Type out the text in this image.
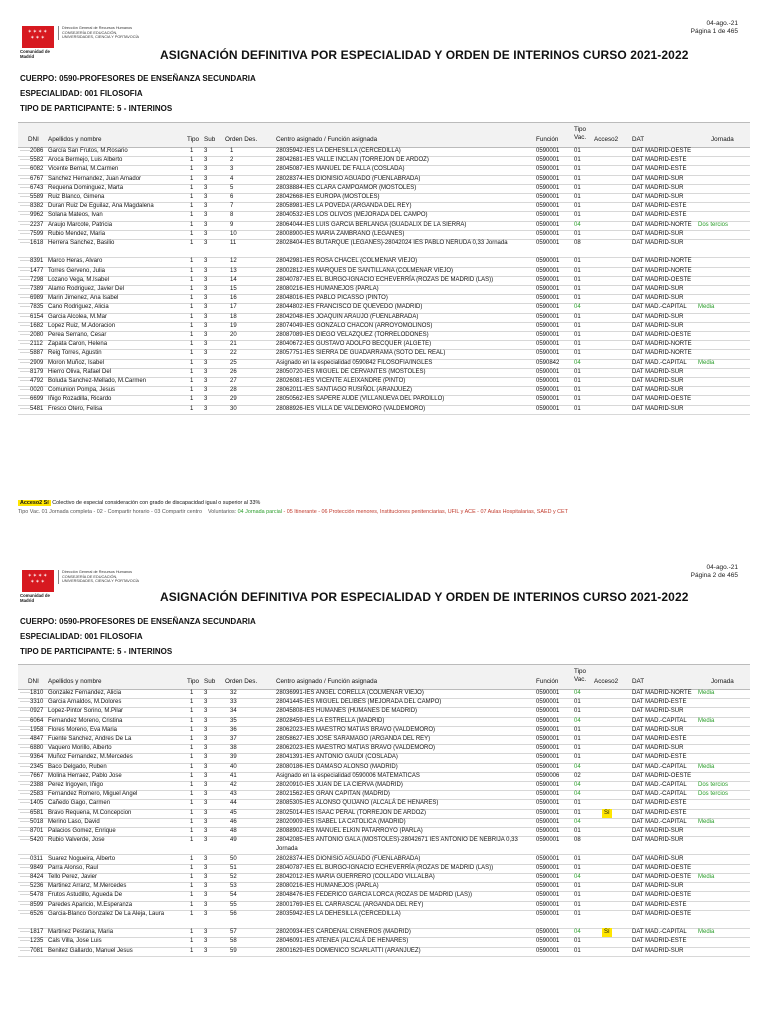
04-ago.-21
Página 1 de 465
✶✶✶✶
✶✶✶
Comunidad de Madrid
Dirección General de Recursos Humanos CONSEJERÍA DE EDUCACIÓN, UNIVERSIDADES, CIENCIA Y PORTAVOCÍA
ASIGNACIÓN DEFINITIVA POR ESPECIALIDAD Y ORDEN DE INTERINOS CURSO 2021-2022
CUERPO: 0590-PROFESORES DE ENSEÑANZA SECUNDARIA
ESPECIALIDAD: 001 FILOSOFIA
TIPO DE PARTICIPANTE: 5 - INTERINOS
DNI Apellidos y nombre	Tipo Sub Orden Des.	Centro asignado / Función asignada	Función	Acceso2 DAT	Jornada
Tipo
Vac.
·····2086 García San Frutos, M.Rosario	1 3	1	28035942-IES LA DEHESILLA (CERCEDILLA)	0590001 01	DAT MADRID-OESTE
·····5582 Aroca Bermejo, Luis Alberto	1 3	2	28042681-IES VALLE INCLAN (TORREJON DE ARDOZ)	0590001 01	DAT MADRID-ESTE
·····6082 Vicente Bernal, M.Carmen	1 3	3	28045087-IES MANUEL DE FALLA (COSLADA)	0590001 01	DAT MADRID-ESTE
·····6767 Sanchez Hernandez, Juan Amador	1 3	4	28028374-IES DIONISIO AGUADO (FUENLABRADA)	0590001 01	DAT MADRID-SUR
·····6743 Requena Dominguez, Marta	1 3	5	28038884-IES CLARA CAMPOAMOR (MOSTOLES)	0590001 01	DAT MADRID-SUR
·····5589 Ruiz Blanco, Gimena	1 3	6	28042668-IES EUROPA (MOSTOLES)	0590001 01	DAT MADRID-SUR
·····8382 Duran Ruiz De Eguilaz, Ana Magdalena	1 3	7	28058981-IES LA POVEDA (ARGANDA DEL REY)	0590001 01	DAT MADRID-ESTE
·····9962 Solana Mateos, Ivan	1 3	8	28040532-IES LOS OLIVOS (MEJORADA DEL CAMPO)	0590001 01	DAT MADRID-ESTE
·····2237 Araujo Marcote, Patricia	1 3	9	28064044-IES LUIS GARCIA BERLANGA (GUADALIX DE LA SIERRA)	0590001 04	DAT MADRID-NORTE Dos tercios
·····7599 Rubio Mendez, Maria	1 3	10	28008900-IES MARIA ZAMBRANO (LEGANES)	0590001 01	DAT MADRID-SUR
·····1618 Herrera Sanchez, Basilio	1 3	11	28028404-IES BUTARQUE (LEGANES)-28042024 IES PABLO NERUDA 0,33 Jornada	0590001 08	DAT MADRID-SUR
·····8391 Marco Heras, Alvaro	1 3	12	28042981-IES ROSA CHACEL (COLMENAR VIEJO)	0590001 01	DAT MADRID-NORTE
·····1477 Torres Gerveno, Julia	1 3	13	28002812-IES MARQUES DE SANTILLANA (COLMENAR VIEJO)	0590001 01	DAT MADRID-NORTE
·····7298 Lozano Vega, M.Isabel	1 3	14	28040787-IES EL BURGO-IGNACIO ECHEVERRÍA (ROZAS DE MADRID (LAS))	0590001 01	DAT MADRID-OESTE
·····7389 Alamo Rodriguez, Javier Del	1 3	15	28080216-IES HUMANEJOS (PARLA)	0590001 01	DAT MADRID-SUR
·····6989 Marin Jimenez, Ana Isabel	1 3	16	28048016-IES PABLO PICASSO (PINTO)	0590001 01	DAT MADRID-SUR
·····7835 Cano Rodriguez, Alicia	1 3	17	28044802-IES FRANCISCO DE QUEVEDO (MADRID)	0590001 04	DAT MAD.-CAPITAL Media
·····6154 Garcia Alcolea, M.Mar	1 3	18	28042048-IES JOAQUIN ARAUJO (FUENLABRADA)	0590001 01	DAT MADRID-SUR
·····1682 Lopez Ruiz, M.Adoracion	1 3	19	28074049-IES GONZALO CHACON (ARROYOMOLINOS)	0590001 01	DAT MADRID-SUR
·····2080 Perea Serrano, Cesar	1 3	20	28087089-IES DIEGO VELAZQUEZ (TORRELODONES)	0590001 01	DAT MADRID-OESTE
·····2112 Zapata Caron, Helena	1 3	21	28040672-IES GUSTAVO ADOLFO BECQUER (ALGETE)	0590001 01	DAT MADRID-NORTE
·····5887 Reig Torres, Agustin	1 3	22	28057751-IES SIERRA DE GUADARRAMA (SOTO DEL REAL)	0590001 01	DAT MADRID-NORTE
·····2909 Moron Muñoz, Isabel	1 3	25	Asignado en la especialidad 0590842 FILOSOFIA/INGLES	0590842 04	DAT MAD.-CAPITAL Media
·····8179 Hierro Oliva, Rafael Del	1 3	26	28050720-IES MIGUEL DE CERVANTES (MOSTOLES)	0590001 01	DAT MADRID-SUR
·····4792 Boluda Sanchez-Mellado, M.Carmen	1 3	27	28026081-IES VICENTE ALEIXANDRE (PINTO)	0590001 01	DAT MADRID-SUR
·····0020 Comunion Pompa, Jesus	1 3	28	28062011-IES SANTIAGO RUSIÑOL (ARANJUEZ)	0590001 01	DAT MADRID-SUR
·····6699 Iñigo Rozadilla, Ricardo	1 3	29	28050562-IES SAPERE AUDE (VILLANUEVA DEL PARDILLO)	0590001 01	DAT MADRID-OESTE
·····5481 Fresco Otero, Felisa	1 3	30	28088926-IES VILLA DE VALDEMORO (VALDEMORO)	0590001 01	DAT MADRID-SUR
Acceso2 Sí Colectivo de especial consideración con grado de discapacidad igual o superior al 33%
Tipo Vac. 01 Jornada completa - 02 - Compartir horario - 03 Compartir centro Voluntarios: 04 Jornada parcial - 05 Itinerante - 06 Protección menores, Instituciones penitenciarias, UFIL y ACE - 07 Aulas Hospitalarias, SAED y CET
04-ago.-21
Página 2 de 465
✶✶✶✶
✶✶✶
Comunidad de Madrid
Dirección General de Recursos Humanos CONSEJERÍA DE EDUCACIÓN, UNIVERSIDADES, CIENCIA Y PORTAVOCÍA
ASIGNACIÓN DEFINITIVA POR ESPECIALIDAD Y ORDEN DE INTERINOS CURSO 2021-2022
CUERPO: 0590-PROFESORES DE ENSEÑANZA SECUNDARIA
ESPECIALIDAD: 001 FILOSOFIA
TIPO DE PARTICIPANTE: 5 - INTERINOS
DNI Apellidos y nombre	Tipo Sub Orden Des.	Centro asignado / Función asignada	Función	Acceso2 DAT	Jornada
Tipo
Vac.
·····1810 Gonzalez Fernandez, Alicia	1 3	32	28036991-IES ANGEL CORELLA (COLMENAR VIEJO)	0590001 04	DAT MADRID-NORTE Media
·····3310 Garcia Arnaldos, M.Dolores	1 3	33	28041445-IES MIGUEL DELIBES (MEJORADA DEL CAMPO)	0590001 01	DAT MADRID-ESTE
·····0927 Lopez-Pintor Sorino, M.Pilar	1 3	34	28045808-IES HUMANES (HUMANES DE MADRID)	0590001 01	DAT MADRID-SUR
·····6064 Fernandez Moreno, Cristina	1 3	35	28028459-IES LA ESTRELLA (MADRID)	0590001 04	DAT MAD.-CAPITAL Media
·····1958 Flores Moreno, Eva Maria	1 3	36	28062023-IES MAESTRO MATIAS BRAVO (VALDEMORO)	0590001 01	DAT MADRID-SUR
·····4847 Fuente Sanchez, Andres De La	1 3	37	28058627-IES JOSE SARAMAGO (ARGANDA DEL REY)	0590001 01	DAT MADRID-ESTE
·····6880 Vaquero Morillo, Alberto	1 3	38	28062023-IES MAESTRO MATIAS BRAVO (VALDEMORO)	0590001 01	DAT MADRID-SUR
·····9364 Muñoz Fernandez, M.Mercedes	1 3	39	28041391-IES ANTONIO GAUDI (COSLADA)	0590001 01	DAT MADRID-ESTE
·····2345 Baco Delgado, Ruben	1 3	40	28080186-IES DAMASO ALONSO (MADRID)	0590001 04	DAT MAD.-CAPITAL Media
·····7667 Molina Herraez, Pablo Jose	1 3	41	Asignado en la especialidad 0590006 MATEMATICAS	0590006 02	DAT MADRID-OESTE
·····2388 Perez Irigoyen, Iñigo	1 3	42	28020910-IES JUAN DE LA CIERVA (MADRID)	0590001 04	DAT MAD.-CAPITAL Dos tercios
·····2583 Fernandez Romero, Miguel Angel	1 3	43	28021562-IES GRAN CAPITAN (MADRID)	0590001 04	DAT MAD.-CAPITAL Dos tercios
·····1405 Cañedo Gago, Carmen	1 3	44	28085305-IES ALONSO QUIJANO (ALCALÁ DE HENARES)	0590001 01	DAT MADRID-ESTE
·····6581 Bravo Requena, M.Concepcion	1 3	45	28025014-IES ISAAC PERAL (TORREJON DE ARDOZ)	0590001 01	Sí	DAT MADRID-ESTE
·····5018 Merino Laso, David	1 3	46	28020909-IES ISABEL LA CATOLICA (MADRID)	0590001 04	DAT MAD.-CAPITAL Media
·····8701 Palacios Gomez, Enrique	1 3	48	28088902-IES MANUEL ELKIN PATARROYO (PARLA)	0590001 01	DAT MADRID-SUR
·····5420 Rubio Valverde, Jose	1 3	49	28042085-IES ANTONIO GALA (MOSTOLES)-28042671 IES ANTONIO DE NEBRIJA 0,33 Jornada
0590001 08	DAT MADRID-SUR
·····0311 Suarez Nogueira, Alberto	1 3	50	28028374-IES DIONISIO AGUADO (FUENLABRADA)	0590001 01	DAT MADRID-SUR
·····9849 Parra Alonso, Raul	1 3	51	28040787-IES EL BURGO-IGNACIO ECHEVERRÍA (ROZAS DE MADRID (LAS))	0590001 01	DAT MADRID-OESTE
·····8424 Tello Perez, Javier	1 3	52	28042012-IES MARIA GUERRERO (COLLADO VILLALBA)	0590001 04	DAT MADRID-OESTE Media
·····5236 Martinez Arranz, M.Mercedes	1 3	53	28080216-IES HUMANEJOS (PARLA)	0590001 01	DAT MADRID-SUR
·····5478 Frutos Astudillo, Agueda De	1 3	54	28048476-IES FEDERICO GARCIA LORCA (ROZAS DE MADRID (LAS))	0590001 01	DAT MADRID-OESTE
·····8599 Paredes Aparicio, M.Esperanza	1 3	55	28001769-IES EL CARRASCAL (ARGANDA DEL REY)	0590001 01	DAT MADRID-ESTE
·····6526 Garcia-Blanco Gonzalez De La Aleja, Laura	1 3	56	28035942-IES LA DEHESILLA (CERCEDILLA)	0590001 01	DAT MADRID-OESTE
·····1817 Martinez Pestana, Maria	1 3	57	28020934-IES CARDENAL CISNEROS (MADRID)	0590001 04	Sí	DAT MAD.-CAPITAL Media
·····1235 Cals Villa, Jose Luis	1 3	58	28046091-IES ATENEA (ALCALÁ DE HENARES)	0590001 01	DAT MADRID-ESTE
·····7081 Benitez Gallardo, Manuel Jesus	1 3	59	28001629-IES DOMENICO SCARLATTI (ARANJUEZ)	0590001 01	DAT MADRID-SUR
